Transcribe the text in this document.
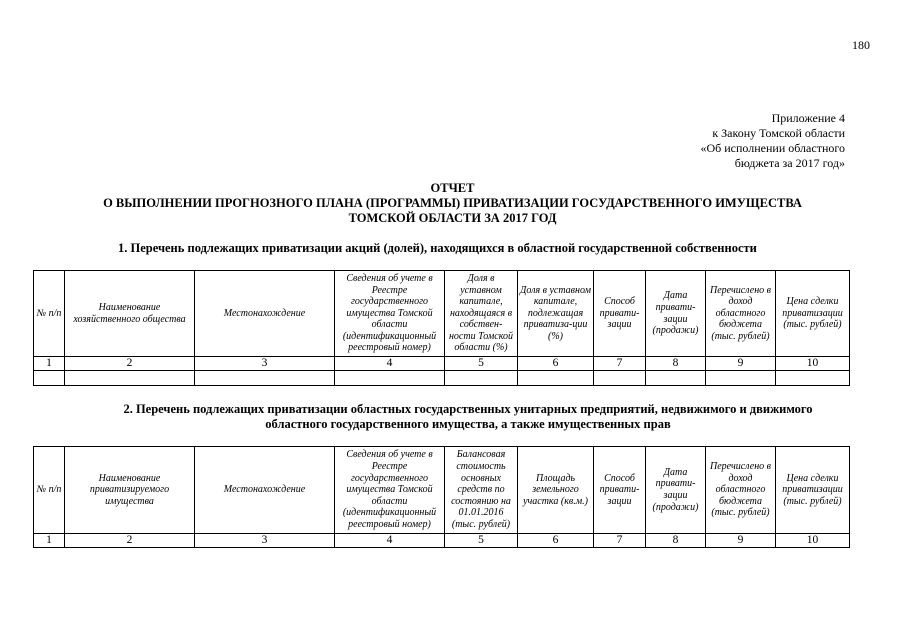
180
Приложение 4
к Закону Томской области
«Об исполнении областного
бюджета за 2017 год»
ОТЧЕТ
О ВЫПОЛНЕНИИ ПРОГНОЗНОГО ПЛАНА (ПРОГРАММЫ) ПРИВАТИЗАЦИИ ГОСУДАРСТВЕННОГО ИМУЩЕСТВА
ТОМСКОЙ ОБЛАСТИ ЗА 2017 ГОД
1. Перечень подлежащих приватизации акций (долей), находящихся в областной государственной собственности
№ п/п	Наименование хозяйственного общества	Местонахождение	Сведения об учете в Реестре государственного имущества Томской области (идентификационный реестровый номер)	Доля в уставном капитале, находящаяся в собствен-ности Томской области (%)	Доля в уставном капитале, подлежащая приватиза-ции (%)	Способ привати-зации	Дата привати-зации (продажи)	Перечислено в доход областного бюджета (тыс. рублей)	Цена сделки приватизации (тыс. рублей)
1	2	3	4	5	6	7	8	9	10

2. Перечень подлежащих приватизации областных государственных унитарных предприятий, недвижимого и движимого
областного государственного имущества, а также имущественных прав
№ п/п	Наименование приватизируемого имущества	Местонахождение	Сведения об учете в Реестре государственного имущества Томской области (идентификационный реестровый номер)	Балансовая стоимость основных средств по состоянию на 01.01.2016 (тыс. рублей)	Площадь земельного участка (кв.м.)	Способ привати-зации	Дата привати-зации (продажи)	Перечислено в доход областного бюджета (тыс. рублей)	Цена сделки приватизации (тыс. рублей)
1	2	3	4	5	6	7	8	9	10
